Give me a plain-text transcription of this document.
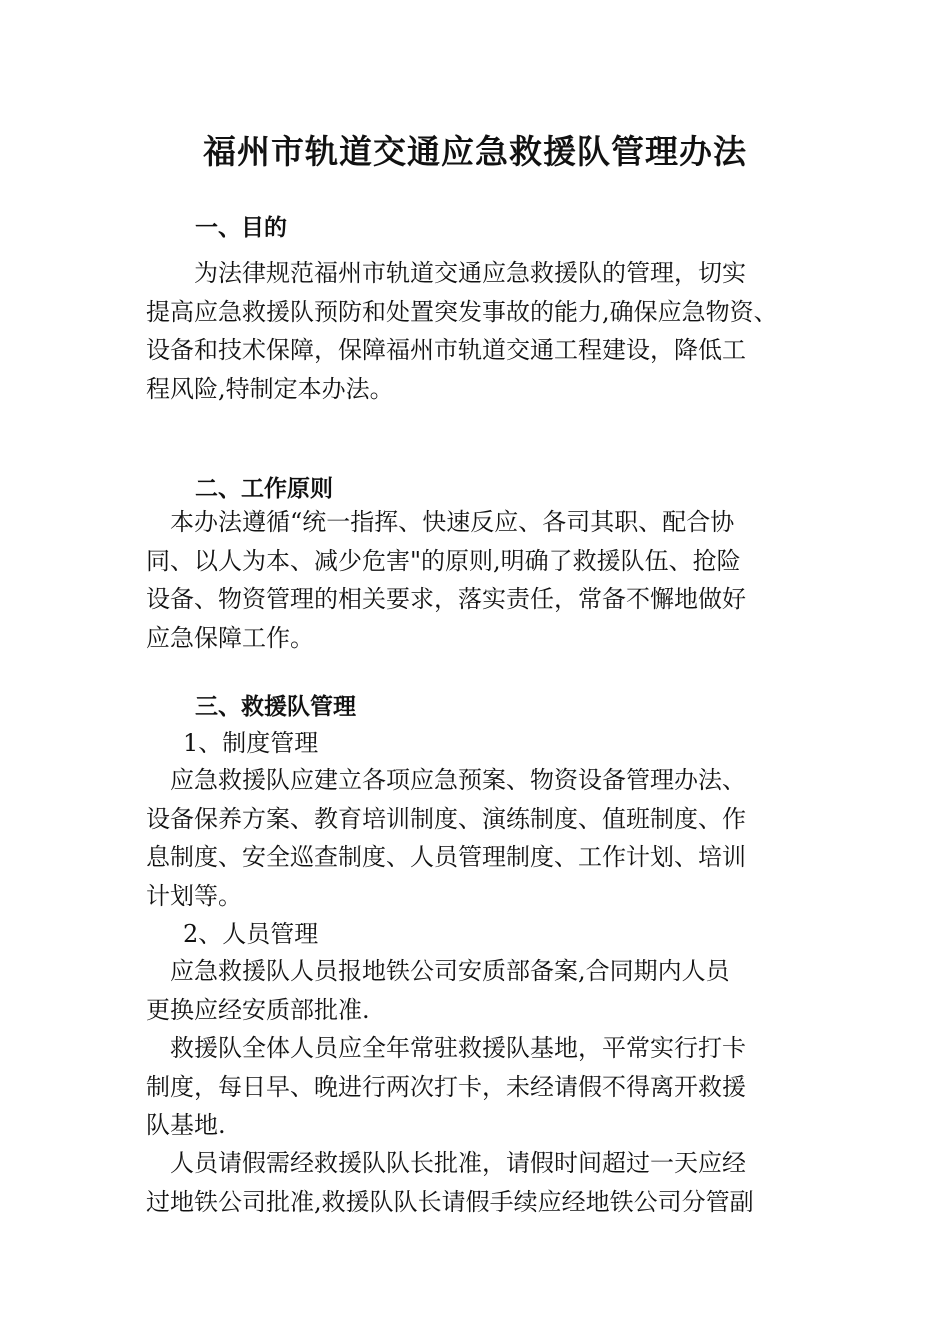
福州市轨道交通应急救援队管理办法
一、目的

　　为法律规范福州市轨道交通应急救援队的管理，切实
提高应急救援队预防和处置突发事故的能力,确保应急物资、
设备和技术保障，保障福州市轨道交通工程建设，降低工
程风险,特制定本办法。

二、工作原则

　本办法遵循“统一指挥、快速反应、各司其职、配合协
同、以人为本、减少危害"的原则,明确了救援队伍、抢险
设备、物资管理的相关要求，落实责任，常备不懈地做好
应急保障工作。

三、救援队管理

1、制度管理

　应急救援队应建立各项应急预案、物资设备管理办法、
设备保养方案、教育培训制度、演练制度、值班制度、作
息制度、安全巡查制度、人员管理制度、工作计划、培训
计划等。

2、人员管理

　应急救援队人员报地铁公司安质部备案,合同期内人员
更换应经安质部批准.

　救援队全体人员应全年常驻救援队基地，平常实行打卡
制度，每日早、晚进行两次打卡，未经请假不得离开救援
队基地.

　人员请假需经救援队队长批准，请假时间超过一天应经
过地铁公司批准,救援队队长请假手续应经地铁公司分管副
